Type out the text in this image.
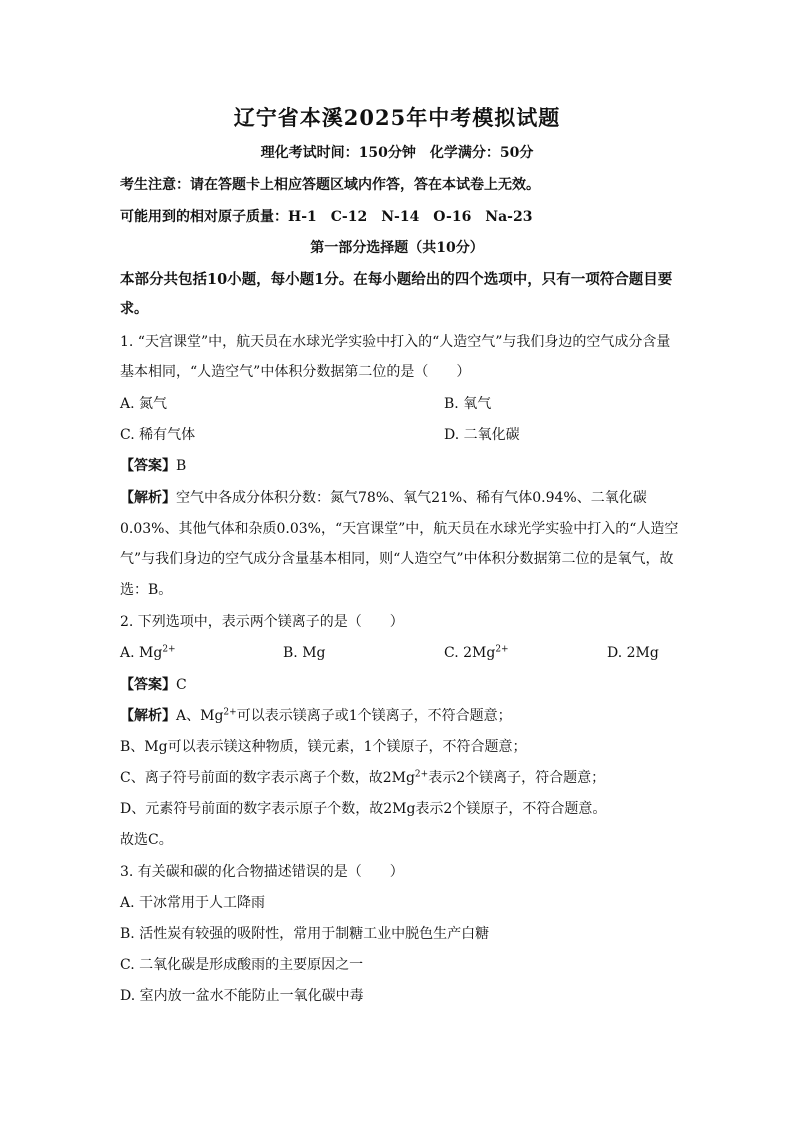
辽宁省本溪2025年中考模拟试题
理化考试时间：150分钟　化学满分：50分
考生注意：请在答题卡上相应答题区域内作答，答在本试卷上无效。
可能用到的相对原子质量：H-1　C-12　N-14　O-16　Na-23
第一部分选择题（共10分）
本部分共包括10小题，每小题1分。在每小题给出的四个选项中，只有一项符合题目要
求。
1. “天宫课堂”中，航天员在水球光学实验中打入的“人造空气”与我们身边的空气成分含量
基本相同，“人造空气”中体积分数据第二位的是（　　）
A. 氮气	B. 氧气
C. 稀有气体	D. 二氧化碳
【答案】B
【解析】空气中各成分体积分数：氮气78%、氧气21%、稀有气体0.94%、二氧化碳
0.03%、其他气体和杂质0.03%，“天宫课堂”中，航天员在水球光学实验中打入的“人造空
气”与我们身边的空气成分含量基本相同，则“人造空气”中体积分数据第二位的是氧气，故
选：B。
2. 下列选项中，表示两个镁离子的是（　　）
A. $Mg^{2+}$	B. Mg	C. $2Mg^{2+}$	D. 2Mg
【答案】C
【解析】A、$Mg^{2+}$可以表示镁离子或1个镁离子，不符合题意；
B、Mg可以表示镁这种物质，镁元素，1个镁原子，不符合题意；
C、离子符号前面的数字表示离子个数，故$2Mg^{2+}$表示2个镁离子，符合题意；
D、元素符号前面的数字表示原子个数，故2Mg表示2个镁原子，不符合题意。
故选C。
3. 有关碳和碳的化合物描述错误的是（　　）
A. 干冰常用于人工降雨
B. 活性炭有较强的吸附性，常用于制糖工业中脱色生产白糖
C. 二氧化碳是形成酸雨的主要原因之一
D. 室内放一盆水不能防止一氧化碳中毒
